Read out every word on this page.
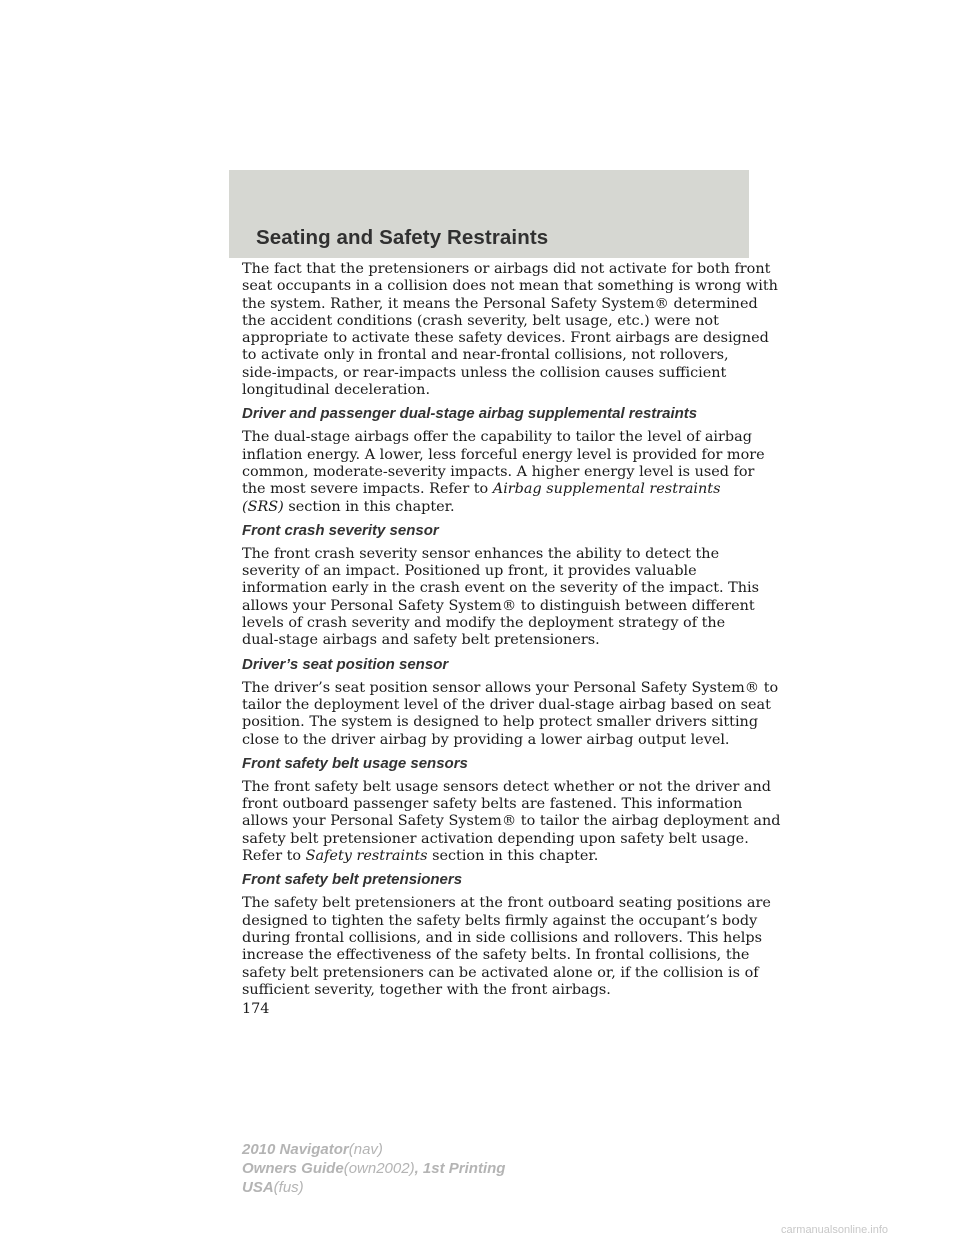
Seating and Safety Restraints

The fact that the pretensioners or airbags did not activate for both front
seat occupants in a collision does not mean that something is wrong with
the system. Rather, it means the Personal Safety System® determined
the accident conditions (crash severity, belt usage, etc.) were not
appropriate to activate these safety devices. Front airbags are designed
to activate only in frontal and near-frontal collisions, not rollovers,
side-impacts, or rear-impacts unless the collision causes sufficient
longitudinal deceleration.

Driver and passenger dual-stage airbag supplemental restraints

The dual-stage airbags offer the capability to tailor the level of airbag
inflation energy. A lower, less forceful energy level is provided for more
common, moderate-severity impacts. A higher energy level is used for
the most severe impacts. Refer to Airbag supplemental restraints
(SRS) section in this chapter.

Front crash severity sensor

The front crash severity sensor enhances the ability to detect the
severity of an impact. Positioned up front, it provides valuable
information early in the crash event on the severity of the impact. This
allows your Personal Safety System® to distinguish between different
levels of crash severity and modify the deployment strategy of the
dual-stage airbags and safety belt pretensioners.

Driver’s seat position sensor

The driver’s seat position sensor allows your Personal Safety System® to
tailor the deployment level of the driver dual-stage airbag based on seat
position. The system is designed to help protect smaller drivers sitting
close to the driver airbag by providing a lower airbag output level.

Front safety belt usage sensors

The front safety belt usage sensors detect whether or not the driver and
front outboard passenger safety belts are fastened. This information
allows your Personal Safety System® to tailor the airbag deployment and
safety belt pretensioner activation depending upon safety belt usage.
Refer to Safety restraints section in this chapter.

Front safety belt pretensioners

The safety belt pretensioners at the front outboard seating positions are
designed to tighten the safety belts firmly against the occupant’s body
during frontal collisions, and in side collisions and rollovers. This helps
increase the effectiveness of the safety belts. In frontal collisions, the
safety belt pretensioners can be activated alone or, if the collision is of
sufficient severity, together with the front airbags.

174

2010 Navigator(nav)
Owners Guide(own2002), 1st Printing
USA(fus)
carmanualsonline.info
